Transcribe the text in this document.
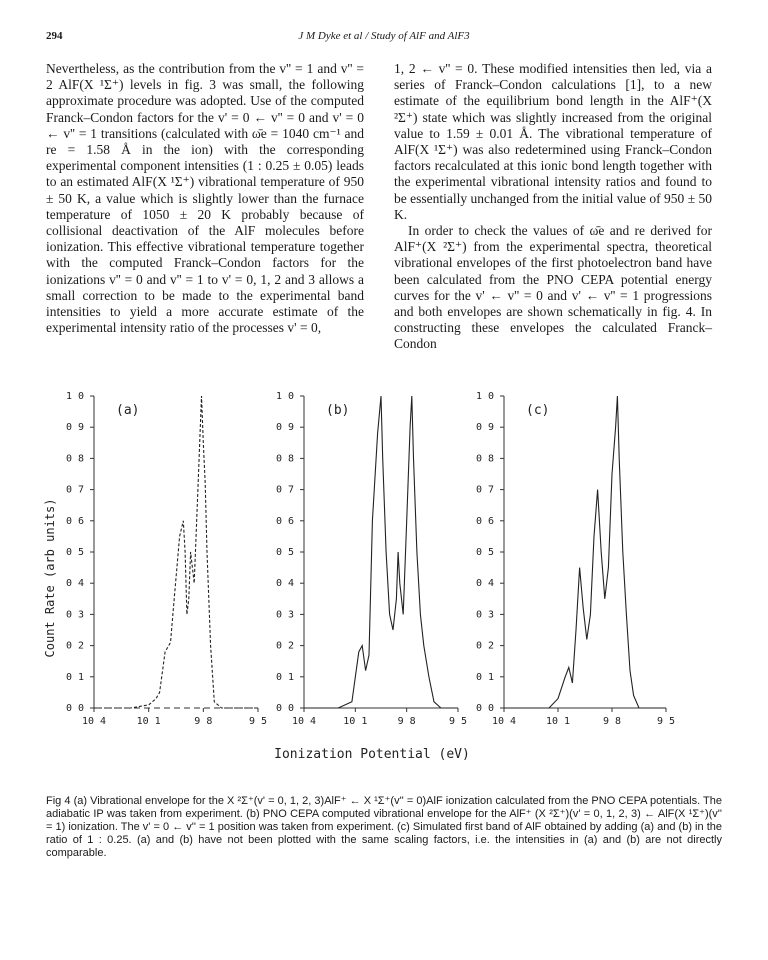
294	J M Dyke et al / Study of AlF and AlF3

Nevertheless, as the contribution from the v'' = 1 and v'' = 2 AlF(X ¹Σ⁺) levels in fig. 3 was small, the following approximate procedure was adopted. Use of the computed Franck–Condon factors for the v' = 0 ← v'' = 0 and v' = 0 ← v'' = 1 transitions (calculated with ω̄e = 1040 cm⁻¹ and re = 1.58 Å in the ion) with the corresponding experimental component intensities (1 : 0.25 ± 0.05) leads to an estimated AlF(X ¹Σ⁺) vibrational temperature of 950 ± 50 K, a value which is slightly lower than the furnace temperature of 1050 ± 20 K probably because of collisional deactivation of the AlF molecules before ionization. This effective vibrational temperature together with the computed Franck–Condon factors for the ionizations v'' = 0 and v'' = 1 to v' = 0, 1, 2 and 3 allows a small correction to be made to the experimental band intensities to yield a more accurate estimate of the experimental intensity ratio of the processes v' = 0,

1, 2 ← v'' = 0. These modified intensities then led, via a series of Franck–Condon calculations [1], to a new estimate of the equilibrium bond length in the AlF⁺(X ²Σ⁺) state which was slightly increased from the original value to 1.59 ± 0.01 Å. The vibrational temperature of AlF(X ¹Σ⁺) was also redetermined using Franck–Condon factors recalculated at this ionic bond length together with the experimental vibrational intensity ratios and found to be essentially unchanged from the initial value of 950 ± 50 K.

In order to check the values of ω̄e and re derived for AlF⁺(X ²Σ⁺) from the experimental spectra, theoretical vibrational envelopes of the first photoelectron band have been calculated from the PNO CEPA potential energy curves for the v' ← v'' = 0 and v' ← v'' = 1 progressions and both envelopes are shown schematically in fig. 4. In constructing these envelopes the calculated Franck–Condon

Count Rate (arb units)
Ionization Potential (eV)
1 0
0 9
0 8
0 7
0 6
0 5
0 4
0 3
0 2
0 1
0 0
10 4	10 1	9 8	9 5
(a)
1 0
0 9
0 8
0 7
0 6
0 5
0 4
0 3
0 2
0 1
0 0
10 4	10 1	9 8	9 5
(b)
1 0
0 9
0 8
0 7
0 6
0 5
0 4
0 3
0 2
0 1
0 0
10 4	10 1	9 8	9 5
(c)
Fig 4 (a) Vibrational envelope for the X ²Σ⁺(v' = 0, 1, 2, 3)AlF⁺ ← X ¹Σ⁺(v'' = 0)AlF ionization calculated from the PNO CEPA potentials. The adiabatic IP was taken from experiment. (b) PNO CEPA computed vibrational envelope for the AlF⁺ (X ²Σ⁺)(v' = 0, 1, 2, 3) ← AlF(X ¹Σ⁺)(v'' = 1) ionization. The v' = 0 ← v'' = 1 position was taken from experiment. (c) Simulated first band of AlF obtained by adding (a) and (b) in the ratio of 1 : 0.25. (a) and (b) have not been plotted with the same scaling factors, i.e. the intensities in (a) and (b) are not directly comparable.
